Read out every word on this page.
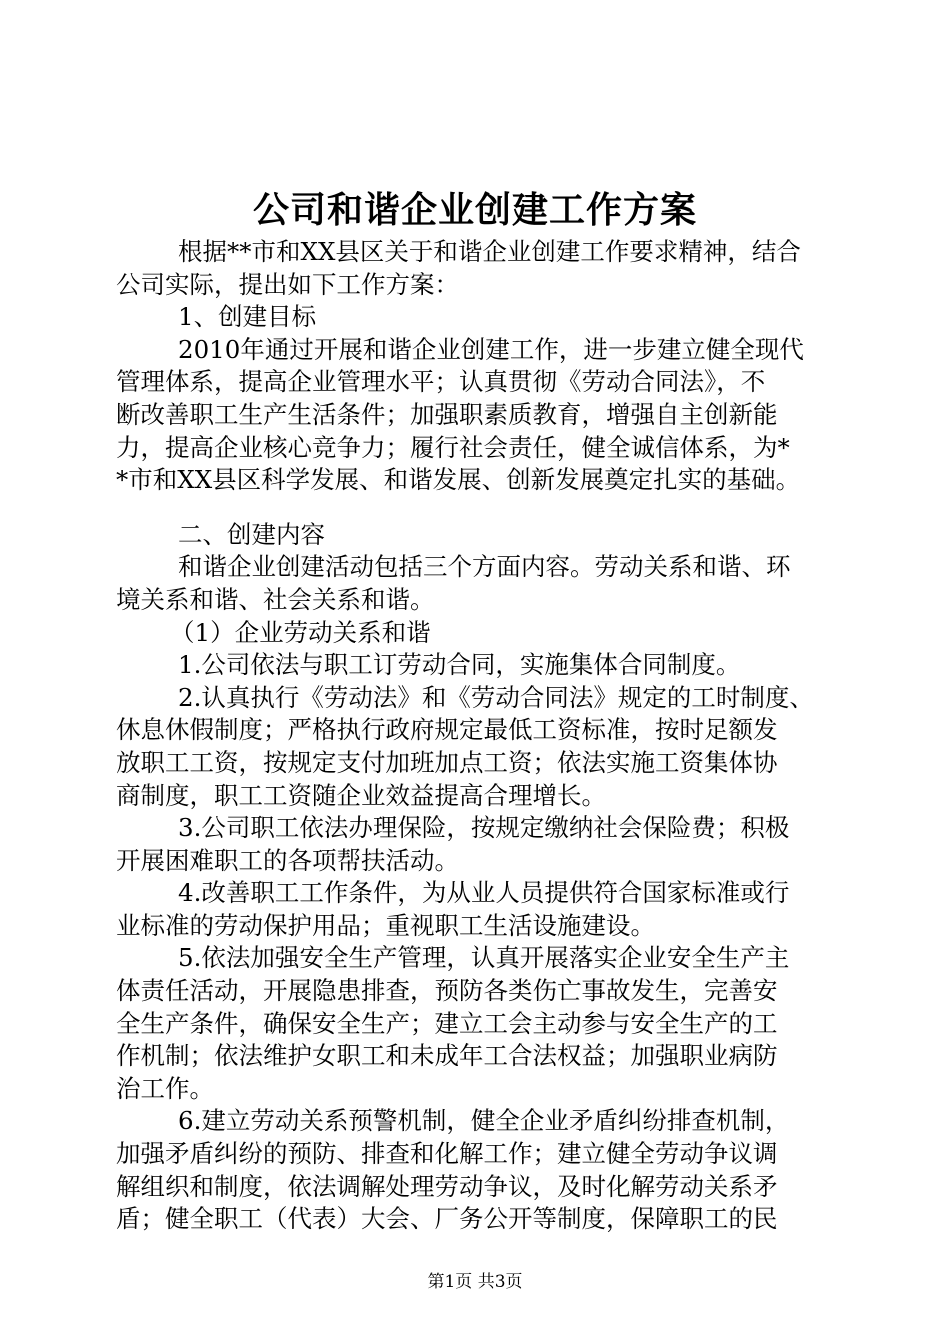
公司和谐企业创建工作方案
根据**市和XX县区关于和谐企业创建工作要求精神，结合
公司实际，提出如下工作方案：
1、创建目标
2010年通过开展和谐企业创建工作，进一步建立健全现代
管理体系，提高企业管理水平；认真贯彻《劳动合同法》，不
断改善职工生产生活条件；加强职素质教育，增强自主创新能
力，提高企业核心竞争力；履行社会责任，健全诚信体系，为*
*市和XX县区科学发展、和谐发展、创新发展奠定扎实的基础。
二、创建内容
和谐企业创建活动包括三个方面内容。劳动关系和谐、环
境关系和谐、社会关系和谐。
（1）企业劳动关系和谐
1.公司依法与职工订劳动合同，实施集体合同制度。
2.认真执行《劳动法》和《劳动合同法》规定的工时制度、
休息休假制度；严格执行政府规定最低工资标准，按时足额发
放职工工资，按规定支付加班加点工资；依法实施工资集体协
商制度，职工工资随企业效益提高合理增长。
3.公司职工依法办理保险，按规定缴纳社会保险费；积极
开展困难职工的各项帮扶活动。
4.改善职工工作条件，为从业人员提供符合国家标准或行
业标准的劳动保护用品；重视职工生活设施建设。
5.依法加强安全生产管理，认真开展落实企业安全生产主
体责任活动，开展隐患排查，预防各类伤亡事故发生，完善安
全生产条件，确保安全生产；建立工会主动参与安全生产的工
作机制；依法维护女职工和未成年工合法权益；加强职业病防
治工作。
6.建立劳动关系预警机制，健全企业矛盾纠纷排查机制，
加强矛盾纠纷的预防、排查和化解工作；建立健全劳动争议调
解组织和制度，依法调解处理劳动争议，及时化解劳动关系矛
盾；健全职工（代表）大会、厂务公开等制度，保障职工的民
第1页 共3页
